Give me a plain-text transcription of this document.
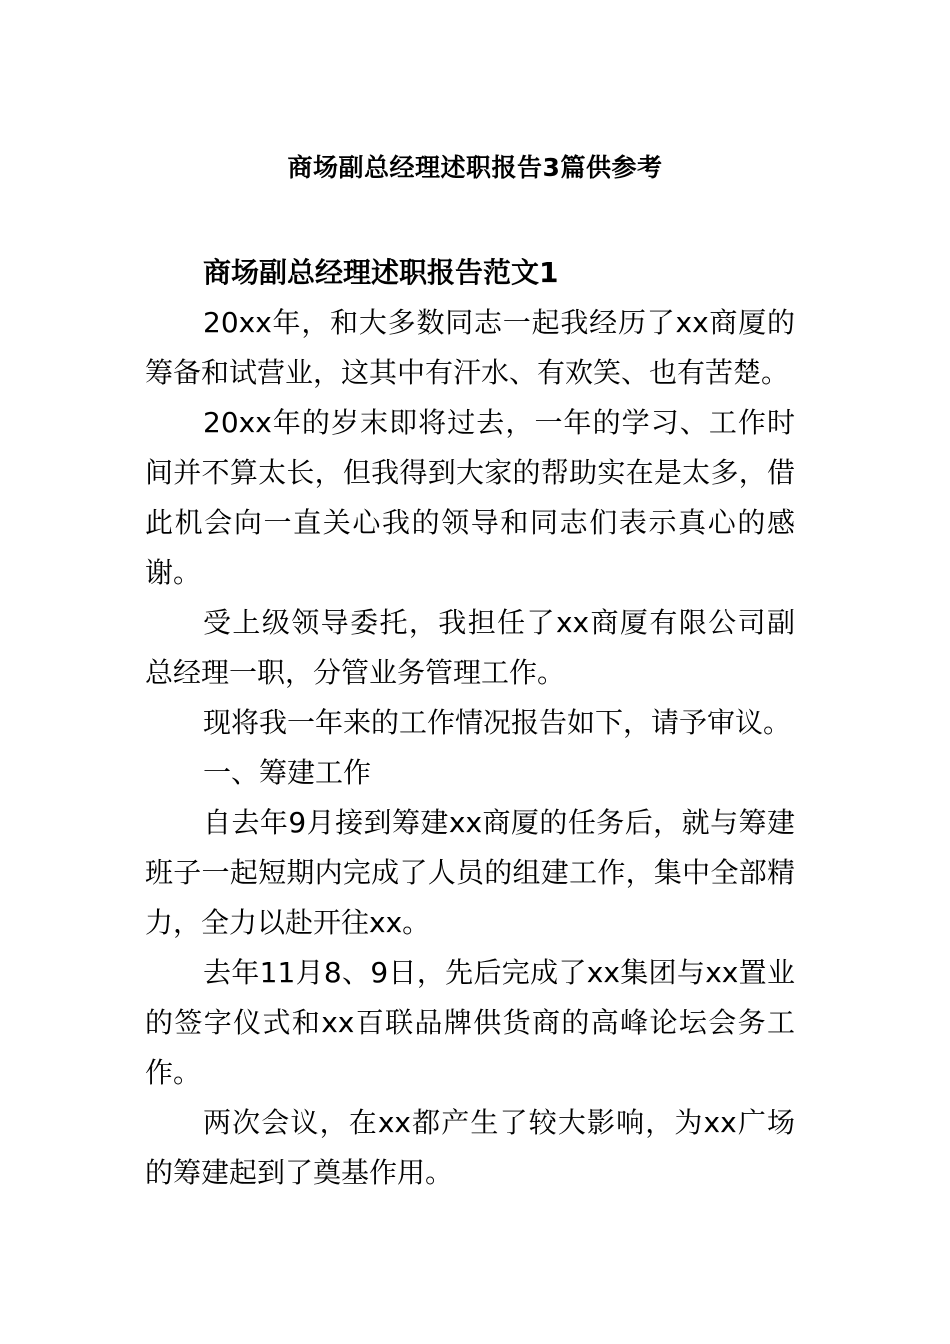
商场副总经理述职报告3篇供参考

商场副总经理述职报告范文1

20xx年，和大多数同志一起我经历了xx商厦的筹备和试营业，这其中有汗水、有欢笑、也有苦楚。

20xx年的岁末即将过去，一年的学习、工作时间并不算太长，但我得到大家的帮助实在是太多，借此机会向一直关心我的领导和同志们表示真心的感谢。

受上级领导委托，我担任了xx商厦有限公司副总经理一职，分管业务管理工作。

现将我一年来的工作情况报告如下，请予审议。

一、筹建工作

自去年9月接到筹建xx商厦的任务后，就与筹建班子一起短期内完成了人员的组建工作，集中全部精力，全力以赴开往xx。

去年11月8、9日，先后完成了xx集团与xx置业的签字仪式和xx百联品牌供货商的高峰论坛会务工作。

两次会议，在xx都产生了较大影响，为xx广场的筹建起到了奠基作用。
